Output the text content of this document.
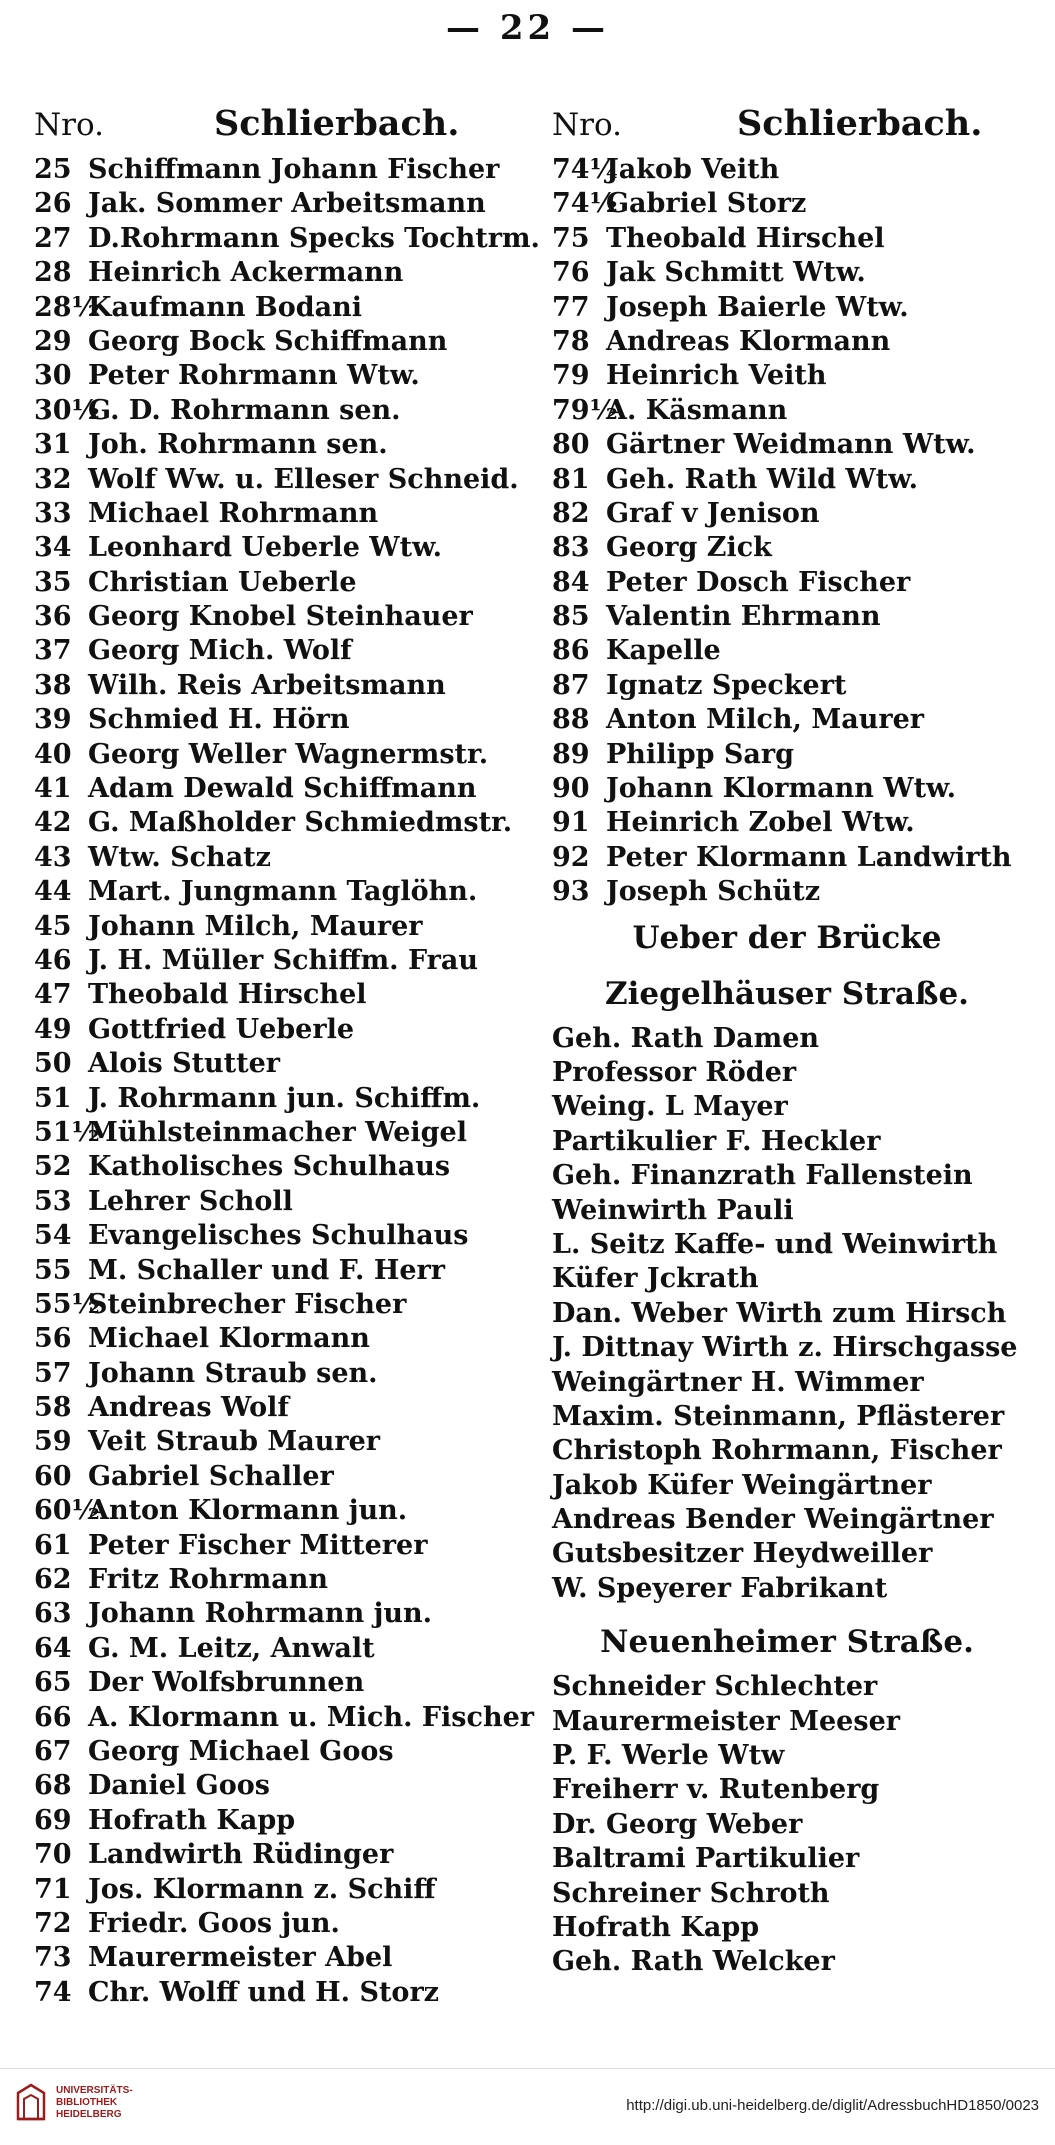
— 22 —
Nro.	Schlierbach.
25 Schiffmann Johann Fischer
26 Jak. Sommer Arbeitsmann
27 D.Rohrmann Specks Tochtrm.
28 Heinrich Ackermann
28½
Kaufmann Bodani
29 Georg Bock Schiffmann
30 Peter Rohrmann Wtw.
30½
G. D. Rohrmann sen.
31 Joh. Rohrmann sen.
32 Wolf Ww. u. Elleser Schneid.
33 Michael Rohrmann
34 Leonhard Ueberle Wtw.
35 Christian Ueberle
36 Georg Knobel Steinhauer
37 Georg Mich. Wolf
38 Wilh. Reis Arbeitsmann
39 Schmied H. Hörn
40 Georg Weller Wagnermstr.
41 Adam Dewald Schiffmann
42 G. Maßholder Schmiedmstr.
43 Wtw. Schatz
44 Mart. Jungmann Taglöhn.
45 Johann Milch, Maurer
46 J. H. Müller Schiffm. Frau
47 Theobald Hirschel
49 Gottfried Ueberle
50 Alois Stutter
51 J. Rohrmann jun. Schiffm.
51½
Mühlsteinmacher Weigel
52 Katholisches Schulhaus
53 Lehrer Scholl
54 Evangelisches Schulhaus
55 M. Schaller und F. Herr
55½
Steinbrecher Fischer
56 Michael Klormann
57 Johann Straub sen.
58 Andreas Wolf
59 Veit Straub Maurer
60 Gabriel Schaller
60½
Anton Klormann jun.
61 Peter Fischer Mitterer
62 Fritz Rohrmann
63 Johann Rohrmann jun.
64 G. M. Leitz, Anwalt
65 Der Wolfsbrunnen
66 A. Klormann u. Mich. Fischer
67 Georg Michael Goos
68 Daniel Goos
69 Hofrath Kapp
70 Landwirth Rüdinger
71 Jos. Klormann z. Schiff
72 Friedr. Goos jun.
73 Maurermeister Abel
74 Chr. Wolff und H. Storz
Nro.	Schlierbach.
74¼
Jakob Veith
74½
Gabriel Storz
75 Theobald Hirschel
76 Jak Schmitt Wtw.
77 Joseph Baierle Wtw.
78 Andreas Klormann
79 Heinrich Veith
79½
A. Käsmann
80 Gärtner Weidmann Wtw.
81 Geh. Rath Wild Wtw.
82 Graf v Jenison
83 Georg Zick
84 Peter Dosch Fischer
85 Valentin Ehrmann
86 Kapelle
87 Ignatz Speckert
88 Anton Milch, Maurer
89 Philipp Sarg
90 Johann Klormann Wtw.
91 Heinrich Zobel Wtw.
92 Peter Klormann Landwirth
93 Joseph Schütz
Ueber der Brücke
Ziegelhäuser Straße.
Geh. Rath Damen
Professor Röder
Weing. L Mayer
Partikulier F. Heckler
Geh. Finanzrath Fallenstein
Weinwirth Pauli
L. Seitz Kaffe- und Weinwirth
Küfer Jckrath
Dan. Weber Wirth zum Hirsch
J. Dittnay Wirth z. Hirschgasse
Weingärtner H. Wimmer
Maxim. Steinmann, Pflästerer
Christoph Rohrmann, Fischer
Jakob Küfer Weingärtner
Andreas Bender Weingärtner
Gutsbesitzer Heydweiller
W. Speyerer Fabrikant
Neuenheimer Straße.
Schneider Schlechter
Maurermeister Meeser
P. F. Werle Wtw
Freiherr v. Rutenberg
Dr. Georg Weber
Baltrami Partikulier
Schreiner Schroth
Hofrath Kapp
Geh. Rath Welcker
UNIVERSITÄTS-
BIBLIOTHEK
HEIDELBERG
http://digi.ub.uni-heidelberg.de/diglit/AdressbuchHD1850/0023
